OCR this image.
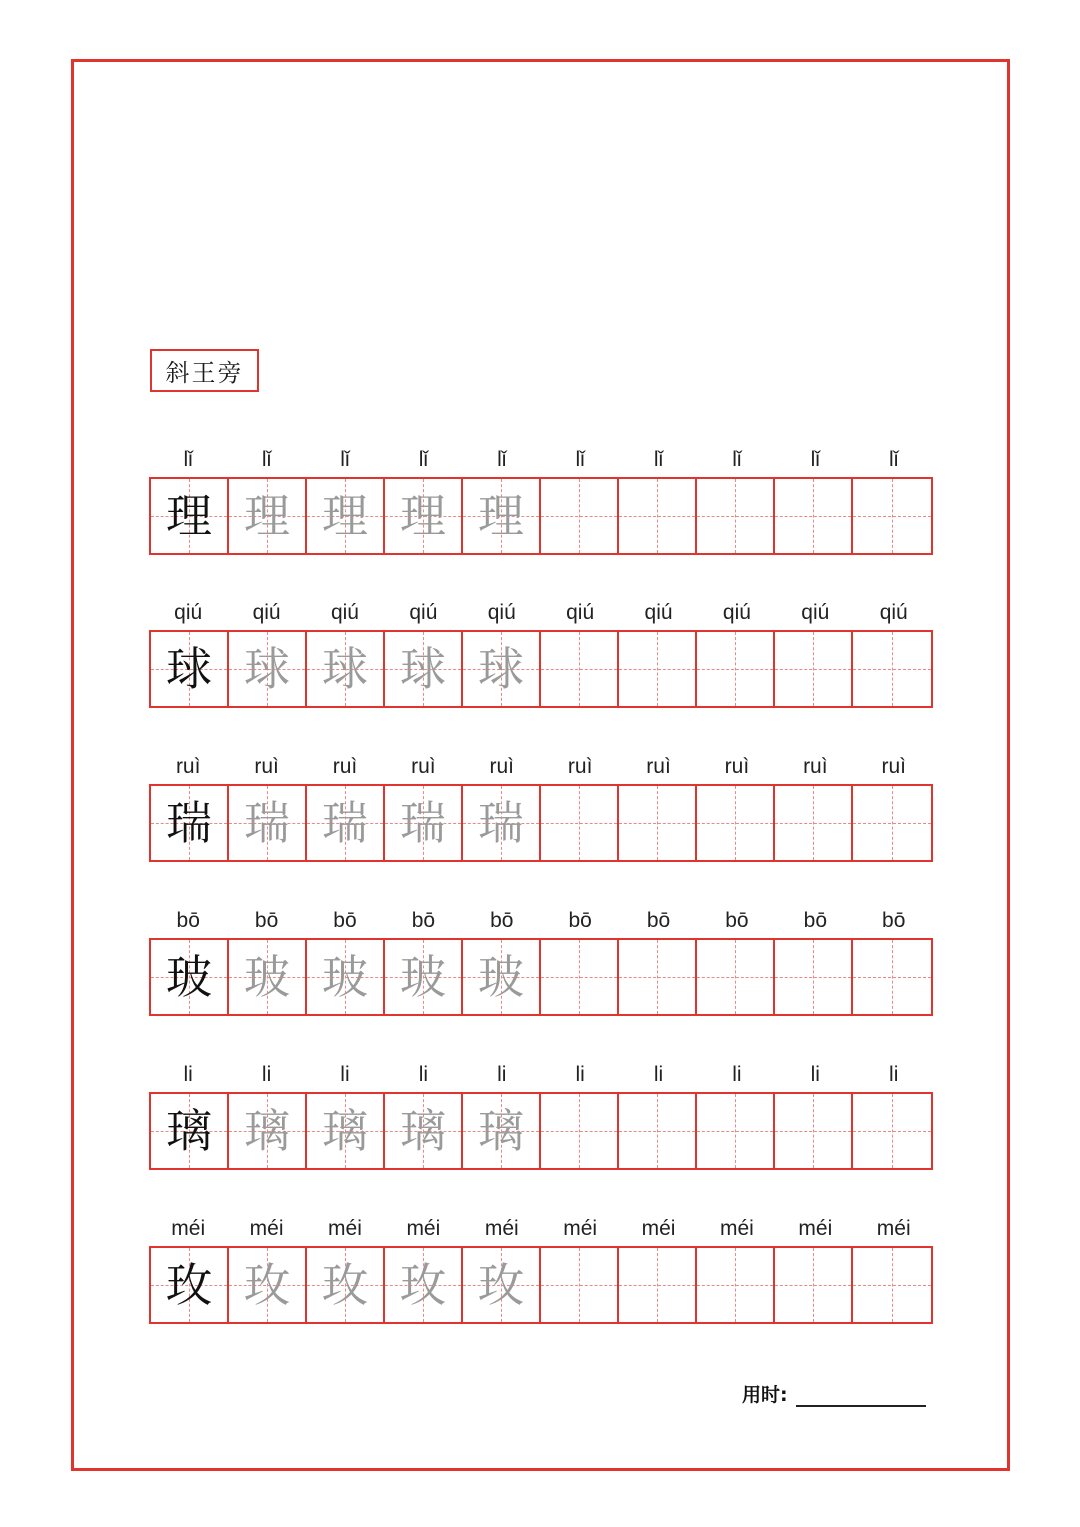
斜王旁
lǐ	lǐ	lǐ	lǐ	lǐ	lǐ	lǐ	lǐ	lǐ	lǐ
理 理 理 理 理
qiú	qiú	qiú	qiú	qiú	qiú	qiú	qiú	qiú	qiú
球 球 球 球 球
ruì	ruì	ruì	ruì	ruì	ruì	ruì	ruì	ruì	ruì
瑞 瑞 瑞 瑞 瑞
bō	bō	bō	bō	bō	bō	bō	bō	bō	bō
玻 玻 玻 玻 玻
li	li	li	li	li	li	li	li	li	li
璃 璃 璃 璃 璃
méi	méi	méi	méi	méi	méi	méi	méi	méi	méi
玫 玫 玫 玫 玫
用时:
